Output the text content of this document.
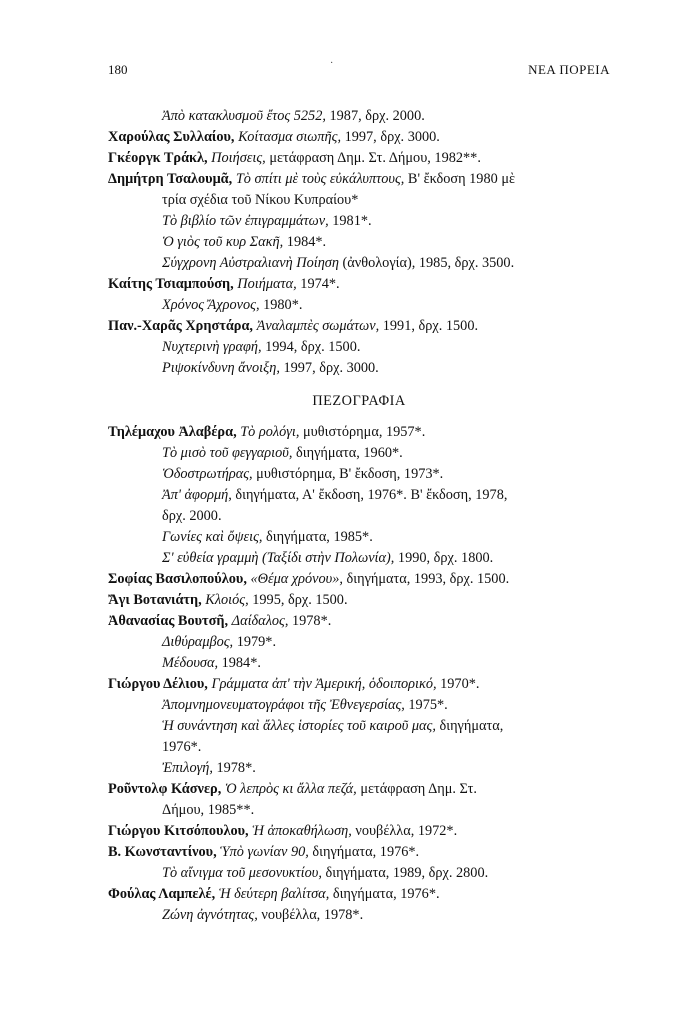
180	·	ΝΕΑ ΠΟΡΕΙΑ
Ἀπὸ κατακλυσμοῦ ἔτος 5252, 1987, δρχ. 2000.
Χαρούλας Συλλαίου, Κοίτασμα σιωπῆς, 1997, δρχ. 3000.
Γκέοργκ Τράκλ, Ποιήσεις, μετάφραση Δημ. Στ. Δήμου, 1982**.
Δημήτρη Τσαλουμᾶ, Τὸ σπίτι μὲ τοὺς εὐκάλυπτους, Β' ἔκδοση 1980 μὲ
τρία σχέδια τοῦ Νίκου Κυπραίου*
Τὸ βιβλίο τῶν ἐπιγραμμάτων, 1981*.
Ὁ γιὸς τοῦ κυρ Σακῆ, 1984*.
Σύγχρονη Αὐστραλιανὴ Ποίηση (ἀνθολογία), 1985, δρχ. 3500.
Καίτης Τσιαμπούση, Ποιήματα, 1974*.
Χρόνος Ἄχρονος, 1980*.
Παν.-Χαρᾶς Χρηστάρα, Ἀναλαμπὲς σωμάτων, 1991, δρχ. 1500.
Νυχτερινὴ γραφή, 1994, δρχ. 1500.
Ριψοκίνδυνη ἄνοιξη, 1997, δρχ. 3000.
ΠΕΖΟΓΡΑΦΙΑ
Τηλέμαχου Ἀλαβέρα, Τὸ ρολόγι, μυθιστόρημα, 1957*.
Τὸ μισὸ τοῦ φεγγαριοῦ, διηγήματα, 1960*.
Ὁδοστρωτήρας, μυθιστόρημα, Β' ἔκδοση, 1973*.
Ἀπ' ἀφορμή, διηγήματα, Α' ἔκδοση, 1976*. Β' ἔκδοση, 1978,
δρχ. 2000.
Γωνίες καὶ ὄψεις, διηγήματα, 1985*.
Σ' εὐθεία γραμμὴ (Ταξίδι στὴν Πολωνία), 1990, δρχ. 1800.
Σοφίας Βασιλοπούλου, «Θέμα χρόνου», διηγήματα, 1993, δρχ. 1500.
Ἄγι Βοτανιάτη, Κλοιός, 1995, δρχ. 1500.
Ἀθανασίας Βουτσῆ, Δαίδαλος, 1978*.
Διθύραμβος, 1979*.
Μέδουσα, 1984*.
Γιώργου Δέλιου, Γράμματα ἀπ' τὴν Ἀμερική, ὁδοιπορικό, 1970*.
Ἀπομνημονευματογράφοι τῆς Ἐθνεγερσίας, 1975*.
Ἡ συνάντηση καὶ ἄλλες ἱστορίες τοῦ καιροῦ μας, διηγήματα,
1976*.
Ἐπιλογή, 1978*.
Ροῦντολφ Κάσνερ, Ὁ λεπρὸς κι ἄλλα πεζά, μετάφραση Δημ. Στ.
Δήμου, 1985**.
Γιώργου Κιτσόπουλου, Ἡ ἀποκαθήλωση, νουβέλλα, 1972*.
Β. Κωνσταντίνου, Ὑπὸ γωνίαν 90, διηγήματα, 1976*.
Τὸ αἴνιγμα τοῦ μεσονυκτίου, διηγήματα, 1989, δρχ. 2800.
Φούλας Λαμπελέ, Ἡ δεύτερη βαλίτσα, διηγήματα, 1976*.
Ζώνη ἀγνότητας, νουβέλλα, 1978*.
